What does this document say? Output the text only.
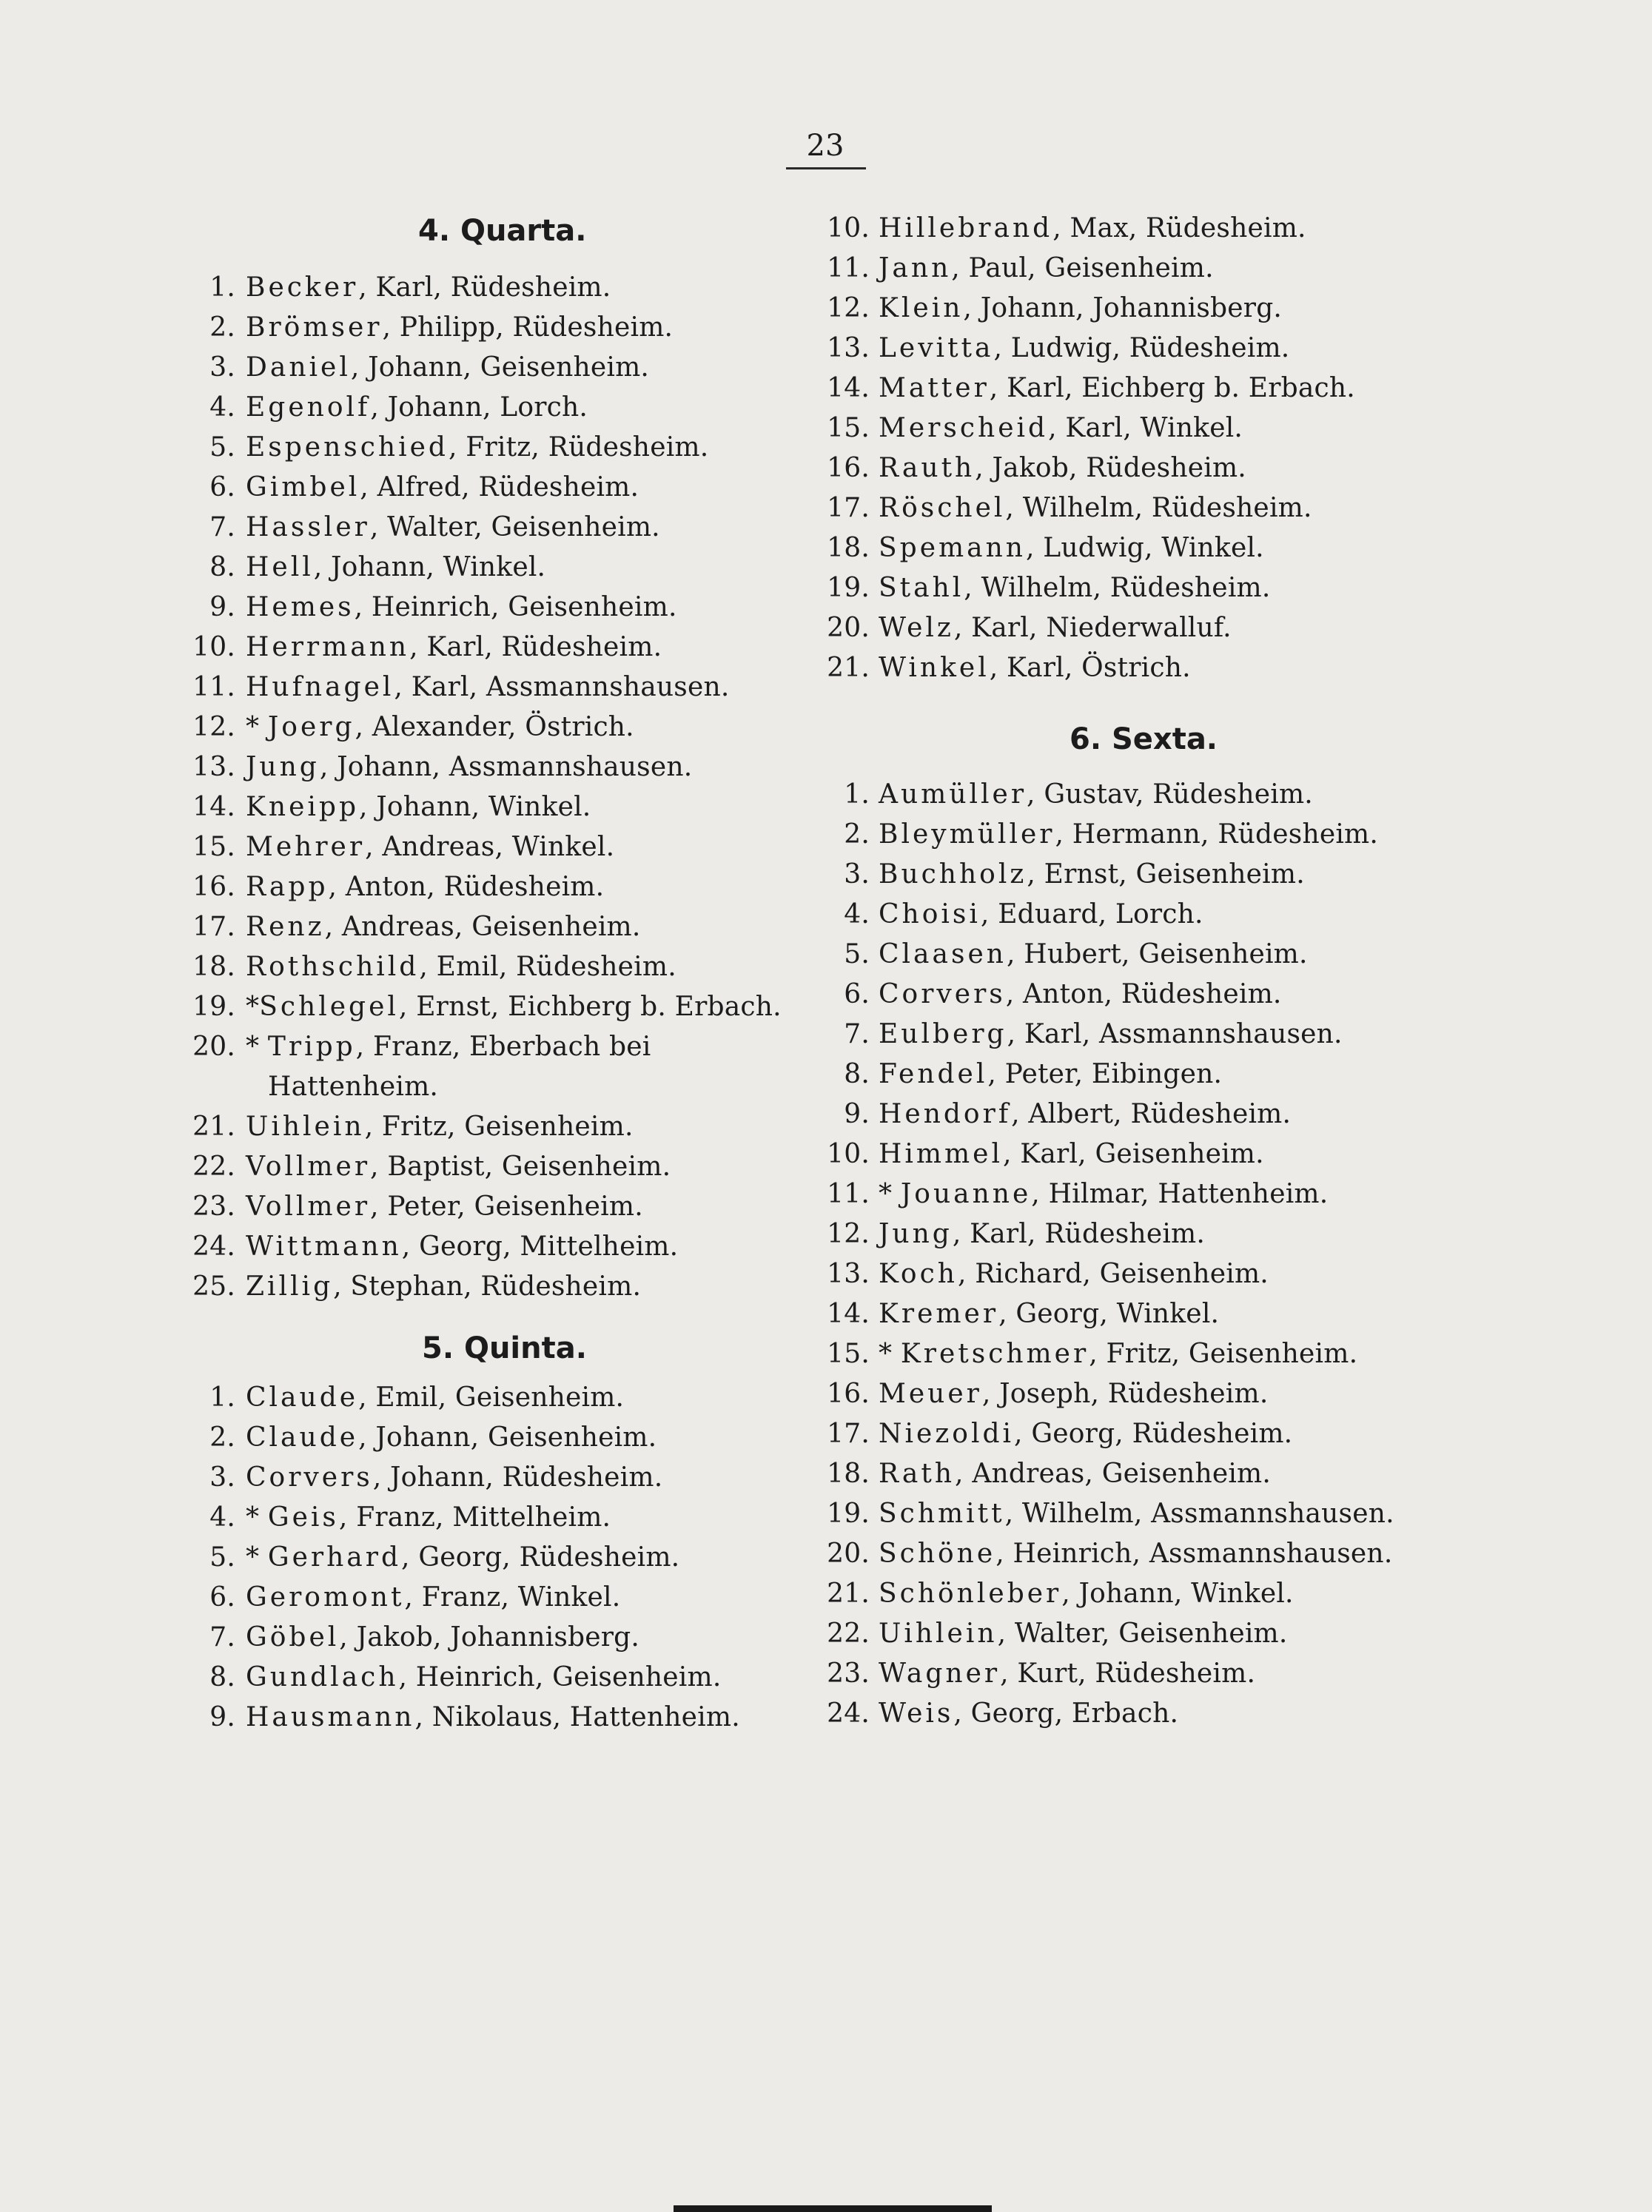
23
4. Quarta.
1. Becker, Karl, Rüdesheim.
2. Brömser, Philipp, Rüdesheim.
3. Daniel, Johann, Geisenheim.
4. Egenolf, Johann, Lorch.
5. Espenschied, Fritz, Rüdesheim.
6. Gimbel, Alfred, Rüdesheim.
7. Hassler, Walter, Geisenheim.
8. Hell, Johann, Winkel.
9. Hemes, Heinrich, Geisenheim.
10. Herrmann, Karl, Rüdesheim.
11. Hufnagel, Karl, Assmannshausen.
12. * Joerg, Alexander, Östrich.
13. Jung, Johann, Assmannshausen.
14. Kneipp, Johann, Winkel.
15. Mehrer, Andreas, Winkel.
16. Rapp, Anton, Rüdesheim.
17. Renz, Andreas, Geisenheim.
18. Rothschild, Emil, Rüdesheim.
19. *Schlegel, Ernst, Eichberg b. Erbach.
20. * Tripp, Franz, Eberbach bei
Hattenheim.
21. Uihlein, Fritz, Geisenheim.
22. Vollmer, Baptist, Geisenheim.
23. Vollmer, Peter, Geisenheim.
24. Wittmann, Georg, Mittelheim.
25. Zillig, Stephan, Rüdesheim.
5. Quinta.
1. Claude, Emil, Geisenheim.
2. Claude, Johann, Geisenheim.
3. Corvers, Johann, Rüdesheim.
4. * Geis, Franz, Mittelheim.
5. * Gerhard, Georg, Rüdesheim.
6. Geromont, Franz, Winkel.
7. Göbel, Jakob, Johannisberg.
8. Gundlach, Heinrich, Geisenheim.
9. Hausmann, Nikolaus, Hattenheim.
10. Hillebrand, Max, Rüdesheim.
11. Jann, Paul, Geisenheim.
12. Klein, Johann, Johannisberg.
13. Levitta, Ludwig, Rüdesheim.
14. Matter, Karl, Eichberg b. Erbach.
15. Merscheid, Karl, Winkel.
16. Rauth, Jakob, Rüdesheim.
17. Röschel, Wilhelm, Rüdesheim.
18. Spemann, Ludwig, Winkel.
19. Stahl, Wilhelm, Rüdesheim.
20. Welz, Karl, Niederwalluf.
21. Winkel, Karl, Östrich.
6. Sexta.
1. Aumüller, Gustav, Rüdesheim.
2. Bleymüller, Hermann, Rüdesheim.
3. Buchholz, Ernst, Geisenheim.
4. Choisi, Eduard, Lorch.
5. Claasen, Hubert, Geisenheim.
6. Corvers, Anton, Rüdesheim.
7. Eulberg, Karl, Assmannshausen.
8. Fendel, Peter, Eibingen.
9. Hendorf, Albert, Rüdesheim.
10. Himmel, Karl, Geisenheim.
11. * Jouanne, Hilmar, Hattenheim.
12. Jung, Karl, Rüdesheim.
13. Koch, Richard, Geisenheim.
14. Kremer, Georg, Winkel.
15. * Kretschmer, Fritz, Geisenheim.
16. Meuer, Joseph, Rüdesheim.
17. Niezoldi, Georg, Rüdesheim.
18. Rath, Andreas, Geisenheim.
19. Schmitt, Wilhelm, Assmannshausen.
20. Schöne, Heinrich, Assmannshausen.
21. Schönleber, Johann, Winkel.
22. Uihlein, Walter, Geisenheim.
23. Wagner, Kurt, Rüdesheim.
24. Weis, Georg, Erbach.
